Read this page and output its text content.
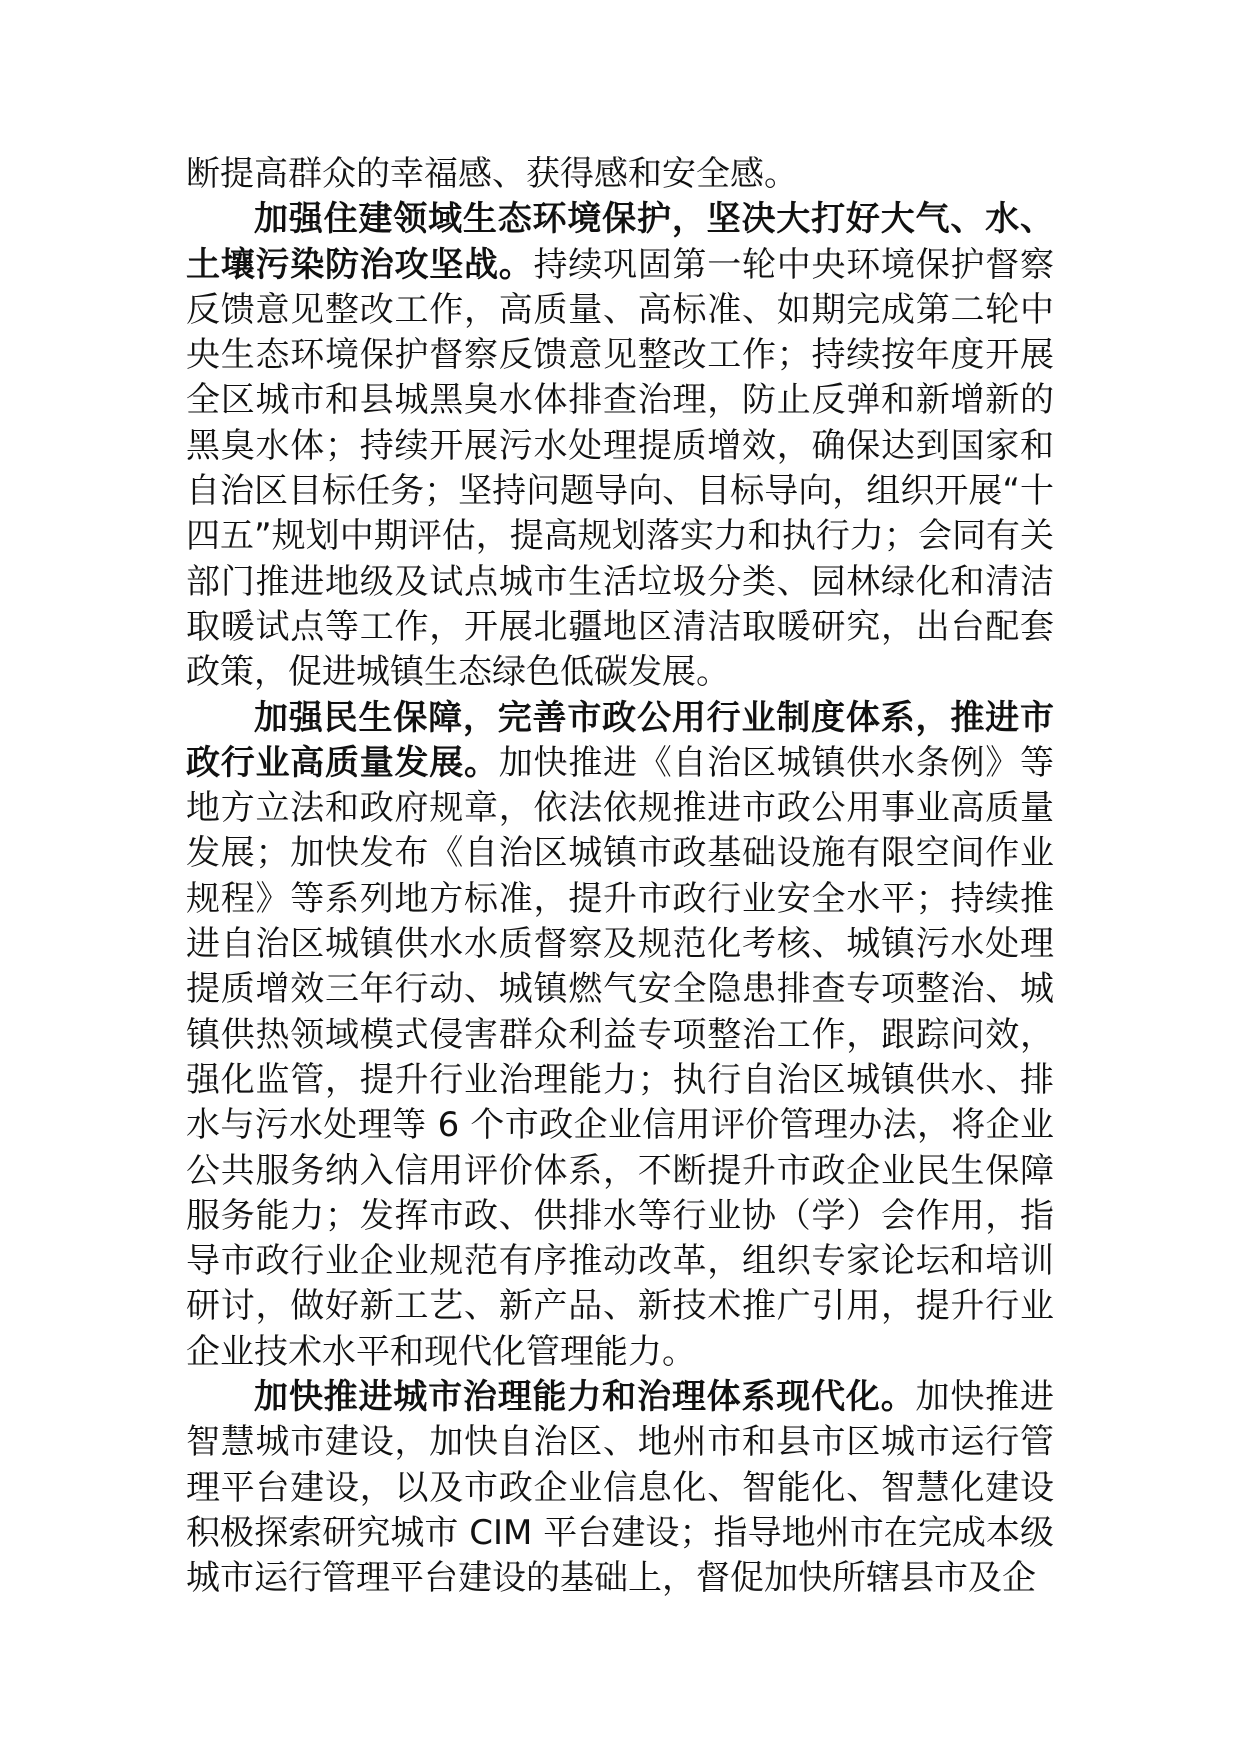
断提高群众的幸福感、获得感和安全感。

加强住建领域生态环境保护，坚决大打好大气、水、土壤污染防治攻坚战。持续巩固第一轮中央环境保护督察反馈意见整改工作，高质量、高标准、如期完成第二轮中央生态环境保护督察反馈意见整改工作；持续按年度开展全区城市和县城黑臭水体排查治理，防止反弹和新增新的黑臭水体；持续开展污水处理提质增效，确保达到国家和自治区目标任务；坚持问题导向、目标导向，组织开展“十四五”规划中期评估，提高规划落实力和执行力；会同有关部门推进地级及试点城市生活垃圾分类、园林绿化和清洁取暖试点等工作，开展北疆地区清洁取暖研究，出台配套政策，促进城镇生态绿色低碳发展。

加强民生保障，完善市政公用行业制度体系，推进市政行业高质量发展。加快推进《自治区城镇供水条例》等地方立法和政府规章，依法依规推进市政公用事业高质量发展；加快发布《自治区城镇市政基础设施有限空间作业规程》等系列地方标准，提升市政行业安全水平；持续推进自治区城镇供水水质督察及规范化考核、城镇污水处理提质增效三年行动、城镇燃气安全隐患排查专项整治、城镇供热领域模式侵害群众利益专项整治工作，跟踪问效，强化监管，提升行业治理能力；执行自治区城镇供水、排水与污水处理等 6 个市政企业信用评价管理办法，将企业公共服务纳入信用评价体系，不断提升市政企业民生保障服务能力；发挥市政、供排水等行业协（学）会作用，指导市政行业企业规范有序推动改革，组织专家论坛和培训研讨，做好新工艺、新产品、新技术推广引用，提升行业企业技术水平和现代化管理能力。

加快推进城市治理能力和治理体系现代化。加快推进智慧城市建设，加快自治区、地州市和县市区城市运行管理平台建设，以及市政企业信息化、智能化、智慧化建设积极探索研究城市 CIM 平台建设；指导地州市在完成本级城市运行管理平台建设的基础上，督促加快所辖县市及企
